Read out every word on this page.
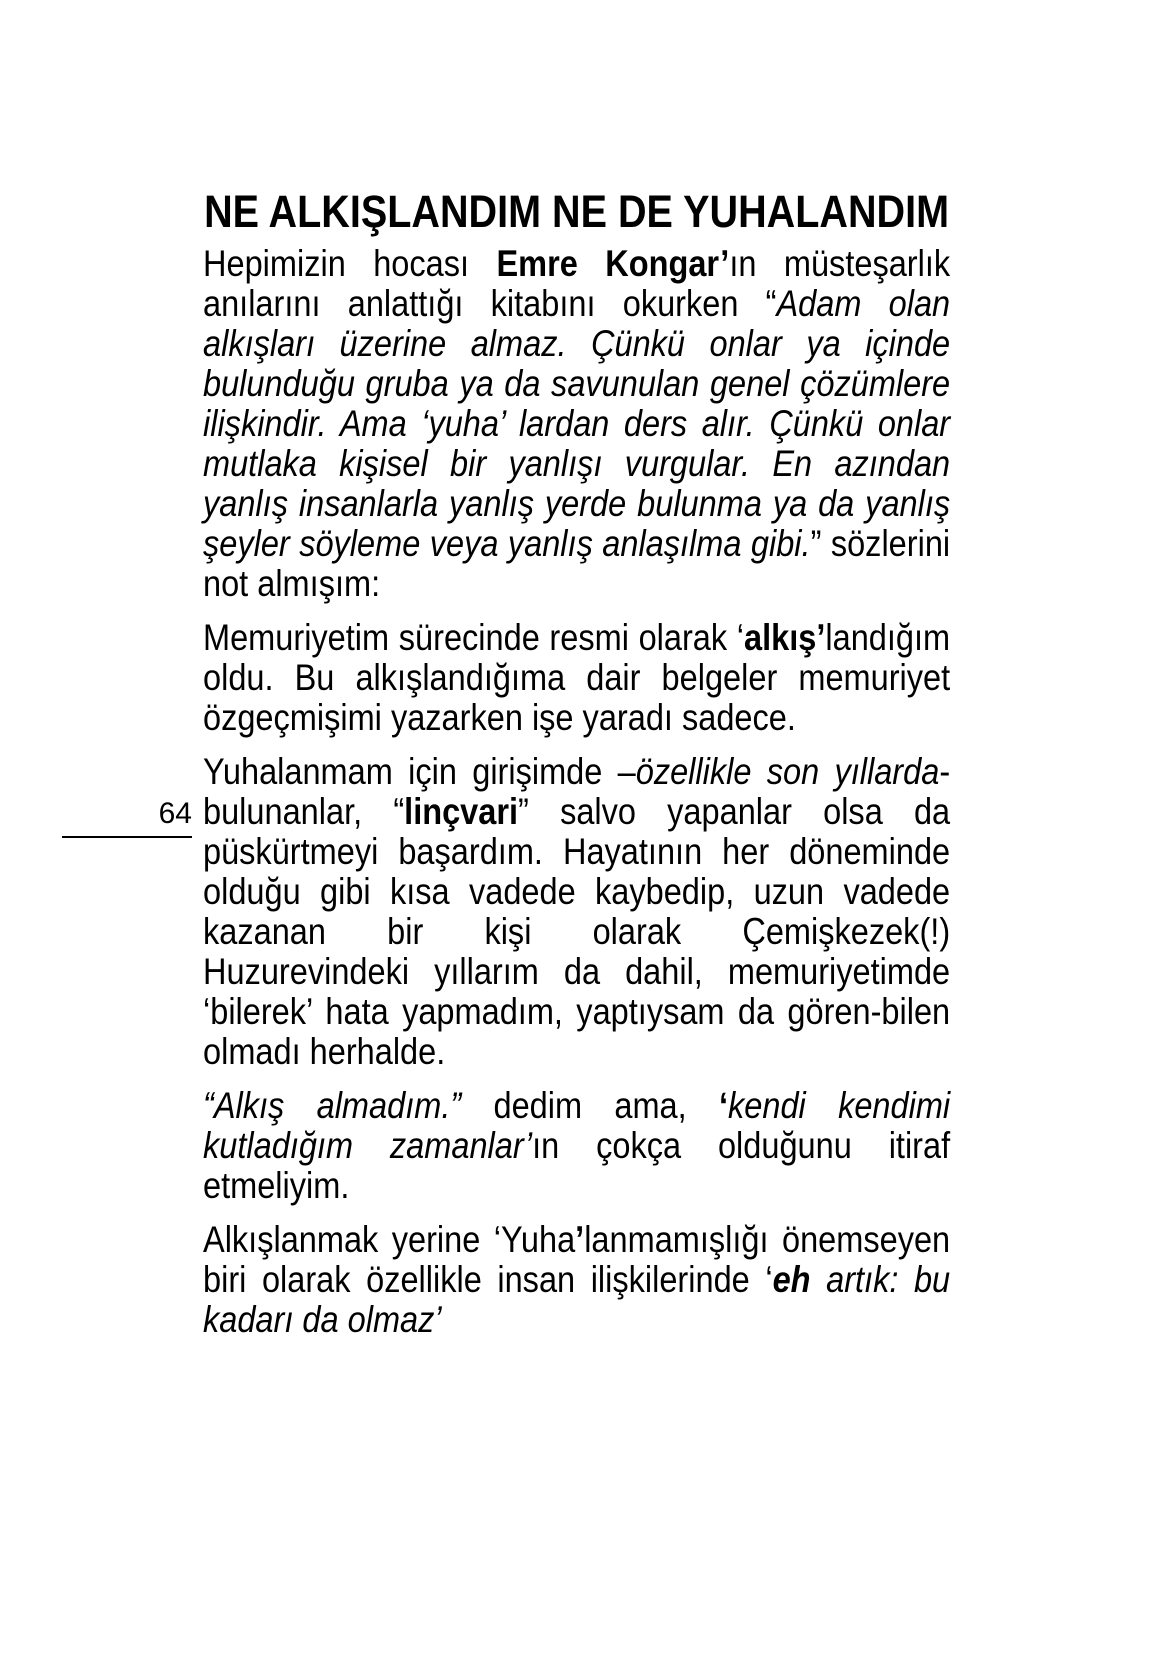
64
NE ALKIŞLANDIM NE DE YUHALANDIM

Hepimizin hocası Emre Kongar’ın müsteşarlık anılarını anlattığı kitabını okurken “Adam olan alkışları üzerine almaz. Çünkü onlar ya içinde bulunduğu gruba ya da savunulan genel çözümlere ilişkindir. Ama ‘yuha’ lardan ders alır. Çünkü onlar mutlaka kişisel bir yanlışı vurgular. En azından yanlış insanlarla yanlış yerde bulunma ya da yanlış şeyler söyleme veya yanlış anlaşılma gibi.” sözlerini not almışım:

Memuriyetim sürecinde resmi olarak ‘alkış’landığım oldu. Bu alkışlandığıma dair belgeler memuriyet özgeçmişimi yazarken işe yaradı sadece.

Yuhalanmam için girişimde –özellikle son yıllarda-bulunanlar, “linçvari” salvo yapanlar olsa da püskürtmeyi başardım. Hayatının her döneminde olduğu gibi kısa vadede kaybedip, uzun vadede kazanan bir kişi olarak Çemişkezek(!) Huzurevindeki yıllarım da dahil, memuriyetimde ‘bilerek’ hata yapmadım, yaptıysam da gören-bilen olmadı herhalde.

“Alkış almadım.” dedim ama, ‘kendi kendimi kutladığım zamanlar’ın çokça olduğunu itiraf etmeliyim.

Alkışlanmak yerine ‘Yuha’lanmamışlığı önemseyen biri olarak özellikle insan ilişkilerinde ‘eh artık: bu kadarı da olmaz’
